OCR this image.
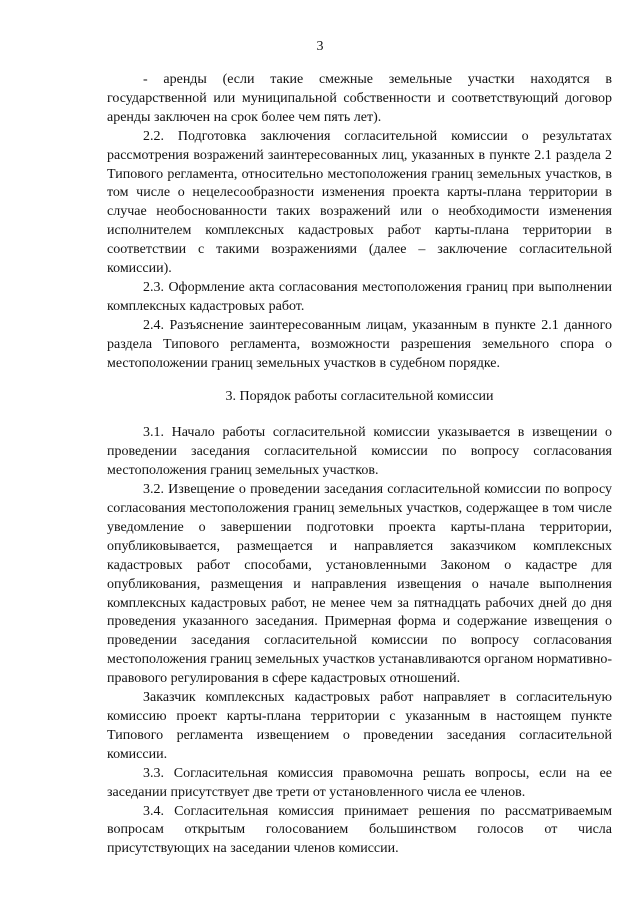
3

- аренды (если такие смежные земельные участки находятся в государственной или муниципальной собственности и соответствующий договор аренды заключен на срок более чем пять лет).

2.2. Подготовка заключения согласительной комиссии о результатах рассмотрения возражений заинтересованных лиц, указанных в пункте 2.1 раздела 2 Типового регламента, относительно местоположения границ земельных участков, в том числе о нецелесообразности изменения проекта карты-плана территории в случае необоснованности таких возражений или о необходимости изменения исполнителем комплексных кадастровых работ карты-плана территории в соответствии с такими возражениями (далее – заключение согласительной комиссии).

2.3. Оформление акта согласования местоположения границ при выполнении комплексных кадастровых работ.

2.4. Разъяснение заинтересованным лицам, указанным в пункте 2.1 данного раздела Типового регламента, возможности разрешения земельного спора о местоположении границ земельных участков в судебном порядке.

3. Порядок работы согласительной комиссии

3.1. Начало работы согласительной комиссии указывается в извещении о проведении заседания согласительной комиссии по вопросу согласования местоположения границ земельных участков.

3.2. Извещение о проведении заседания согласительной комиссии по вопросу согласования местоположения границ земельных участков, содержащее в том числе уведомление о завершении подготовки проекта карты-плана территории, опубликовывается, размещается и направляется заказчиком комплексных кадастровых работ способами, установленными Законом о кадастре для опубликования, размещения и направления извещения о начале выполнения комплексных кадастровых работ, не менее чем за пятнадцать рабочих дней до дня проведения указанного заседания. Примерная форма и содержание извещения о проведении заседания согласительной комиссии по вопросу согласования местоположения границ земельных участков устанавливаются органом нормативно-правового регулирования в сфере кадастровых отношений.

Заказчик комплексных кадастровых работ направляет в согласительную комиссию проект карты-плана территории с указанным в настоящем пункте Типового регламента извещением о проведении заседания согласительной комиссии.

3.3. Согласительная комиссия правомочна решать вопросы, если на ее заседании присутствует две трети от установленного числа ее членов.

3.4. Согласительная комиссия принимает решения по рассматриваемым вопросам открытым голосованием большинством голосов от числа присутствующих на заседании членов комиссии.
